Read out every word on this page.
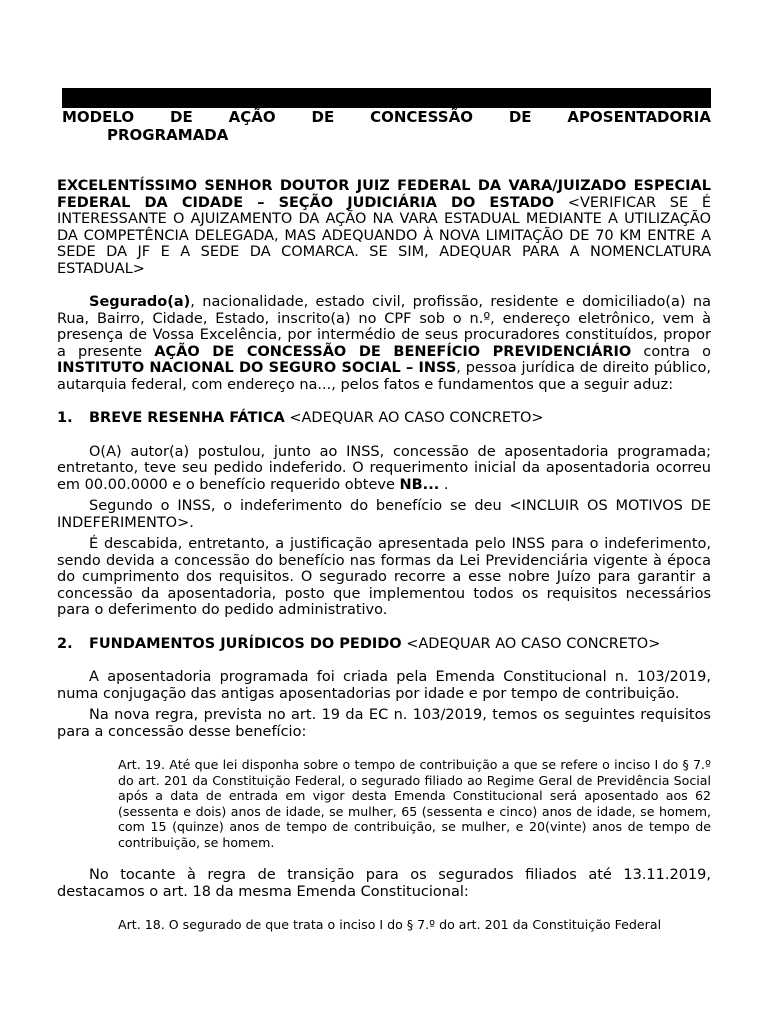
MODELO DE AÇÃO DE CONCESSÃO DE APOSENTADORIA
PROGRAMADA

EXCELENTÍSSIMO SENHOR DOUTOR JUIZ FEDERAL DA VARA/JUIZADO ESPECIAL FEDERAL DA CIDADE – SEÇÃO JUDICIÁRIA DO ESTADO <VERIFICAR SE É INTERESSANTE O AJUIZAMENTO DA AÇÃO NA VARA ESTADUAL MEDIANTE A UTILIZAÇÃO DA COMPETÊNCIA DELEGADA, MAS ADEQUANDO À NOVA LIMITAÇÃO DE 70 KM ENTRE A SEDE DA JF E A SEDE DA COMARCA. SE SIM, ADEQUAR PARA A NOMENCLATURA ESTADUAL>

Segurado(a), nacionalidade, estado civil, profissão, residente e domiciliado(a) na Rua, Bairro, Cidade, Estado, inscrito(a) no CPF sob o n.º, endereço eletrônico, vem à presença de Vossa Excelência, por intermédio de seus procuradores constituídos, propor a presente AÇÃO DE CONCESSÃO DE BENEFÍCIO PREVIDENCIÁRIO contra o INSTITUTO NACIONAL DO SEGURO SOCIAL – INSS, pessoa jurídica de direito público, autarquia federal, com endereço na..., pelos fatos e fundamentos que a seguir aduz:

1.	BREVE RESENHA FÁTICA <ADEQUAR AO CASO CONCRETO>

O(A) autor(a) postulou, junto ao INSS, concessão de aposentadoria programada; entretanto, teve seu pedido indeferido. O requerimento inicial da aposentadoria ocorreu em 00.00.0000 e o benefício requerido obteve NB... .

Segundo o INSS, o indeferimento do benefício se deu <INCLUIR OS MOTIVOS DE INDEFERIMENTO>.

É descabida, entretanto, a justificação apresentada pelo INSS para o indeferimento, sendo devida a concessão do benefício nas formas da Lei Previdenciária vigente à época do cumprimento dos requisitos. O segurado recorre a esse nobre Juízo para garantir a concessão da aposentadoria, posto que implementou todos os requisitos necessários para o deferimento do pedido administrativo.

2.	FUNDAMENTOS JURÍDICOS DO PEDIDO <ADEQUAR AO CASO CONCRETO>

A aposentadoria programada foi criada pela Emenda Constitucional n. 103/2019, numa conjugação das antigas aposentadorias por idade e por tempo de contribuição.

Na nova regra, prevista no art. 19 da EC n. 103/2019, temos os seguintes requisitos para a concessão desse benefício:

Art. 19. Até que lei disponha sobre o tempo de contribuição a que se refere o inciso I do § 7.º do art. 201 da Constituição Federal, o segurado filiado ao Regime Geral de Previdência Social após a data de entrada em vigor desta Emenda Constitucional será aposentado aos 62 (sessenta e dois) anos de idade, se mulher, 65 (sessenta e cinco) anos de idade, se homem, com 15 (quinze) anos de tempo de contribuição, se mulher, e 20(vinte) anos de tempo de contribuição, se homem.

No tocante à regra de transição para os segurados filiados até 13.11.2019, destacamos o art. 18 da mesma Emenda Constitucional:

Art. 18. O segurado de que trata o inciso I do § 7.º do art. 201 da Constituição Federal
